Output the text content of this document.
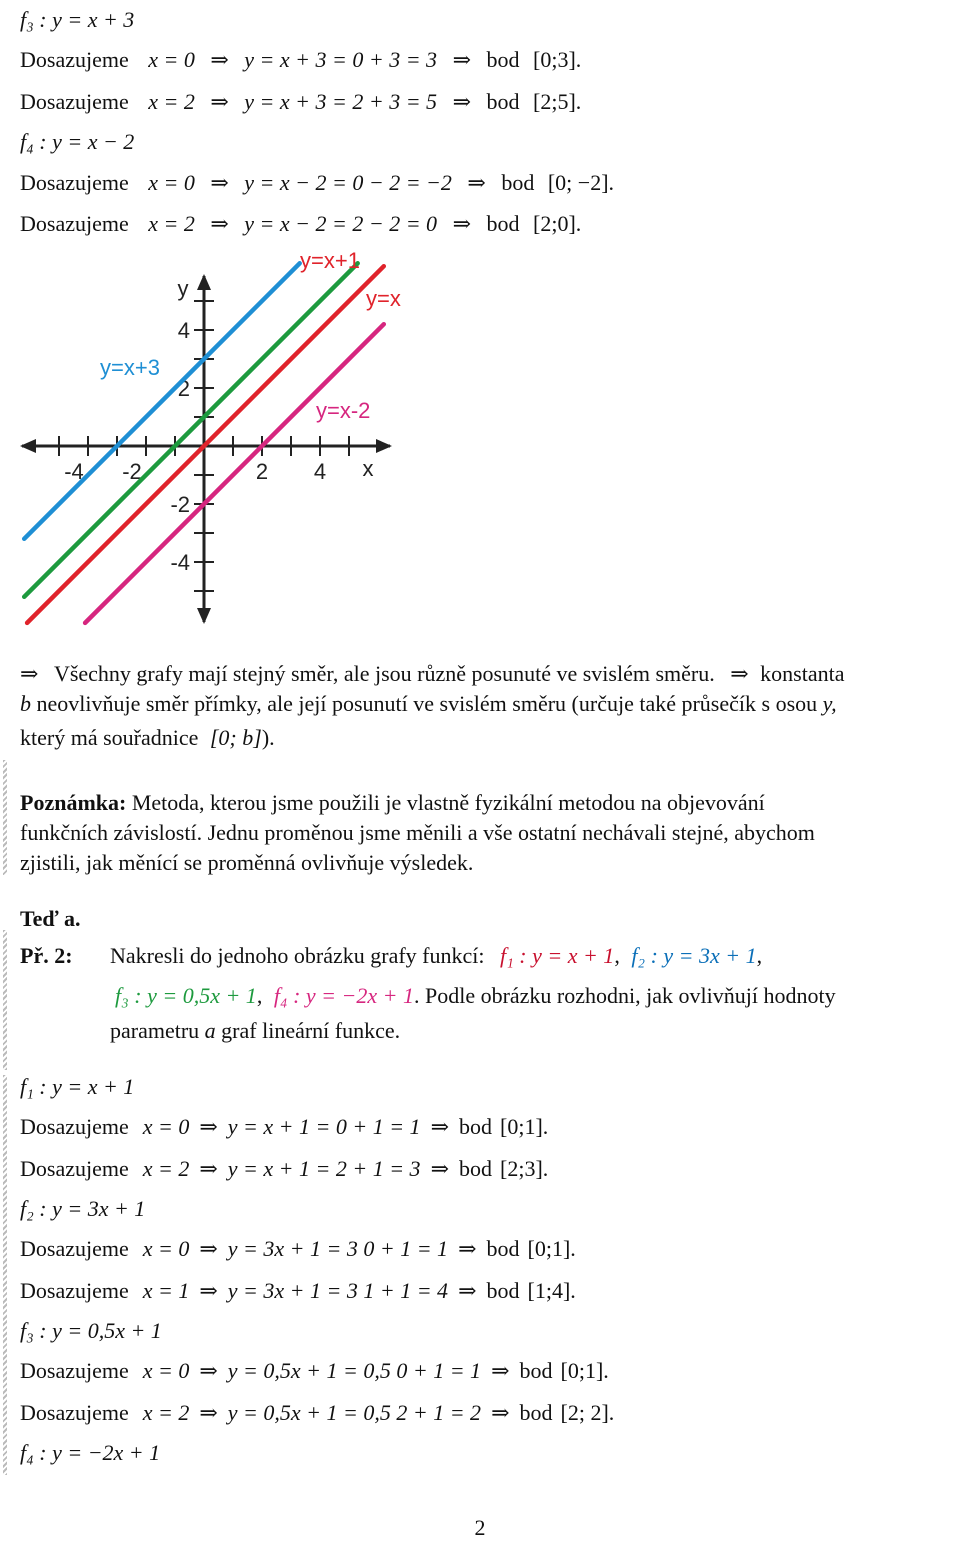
f₃ : y = x + 3
Dosazujeme x = 0 ⇒ y = x + 3 = 0 + 3 = 3 ⇒ bod [0;3].
Dosazujeme x = 2 ⇒ y = x + 3 = 2 + 3 = 5 ⇒ bod [2;5].
f₄ : y = x − 2
Dosazujeme x = 0 ⇒ y = x − 2 = 0 − 2 = −2 ⇒ bod [0; −2].
Dosazujeme x = 2 ⇒ y = x − 2 = 2 − 2 = 0 ⇒ bod [2;0].
-4 -2	2 4
4
2
-2
-4
x
y
y=x+3
y=x+1
y=x
y=x-2
⇒ Všechny grafy mají stejný směr, ale jsou různě posunuté ve svislém směru. ⇒ konstanta
b neovlivňuje směr přímky, ale její posunutí ve svislém směru (určuje také průsečík s osou y,
který má souřadnice [0; b]).
Poznámka: Metoda, kterou jsme použili je vlastně fyzikální metodou na objevování
funkčních závislostí. Jednu proměnou jsme měnili a vše ostatní nechávali stejné, abychom
zjistili, jak měnící se proměnná ovlivňuje výsledek.
Teď a.
Př. 2: Nakresli do jednoho obrázku grafy funkcí: f₁ : y = x + 1, f₂ : y = 3x + 1,
f₃ : y = 0,5x + 1, f₄ : y = −2x + 1. Podle obrázku rozhodni, jak ovlivňují hodnoty
parametru a graf lineární funkce.
f₁ : y = x + 1
Dosazujeme x = 0 ⇒ y = x + 1 = 0 + 1 = 1 ⇒ bod [0;1].
Dosazujeme x = 2 ⇒ y = x + 1 = 2 + 1 = 3 ⇒ bod [2;3].
f₂ : y = 3x + 1
Dosazujeme x = 0 ⇒ y = 3x + 1 = 3 0 + 1 = 1 ⇒ bod [0;1].
Dosazujeme x = 1 ⇒ y = 3x + 1 = 3 1 + 1 = 4 ⇒ bod [1;4].
f₃ : y = 0,5x + 1
Dosazujeme x = 0 ⇒ y = 0,5x + 1 = 0,5 0 + 1 = 1 ⇒ bod [0;1].
Dosazujeme x = 2 ⇒ y = 0,5x + 1 = 0,5 2 + 1 = 2 ⇒ bod [2; 2].
f₄ : y = −2x + 1
2
